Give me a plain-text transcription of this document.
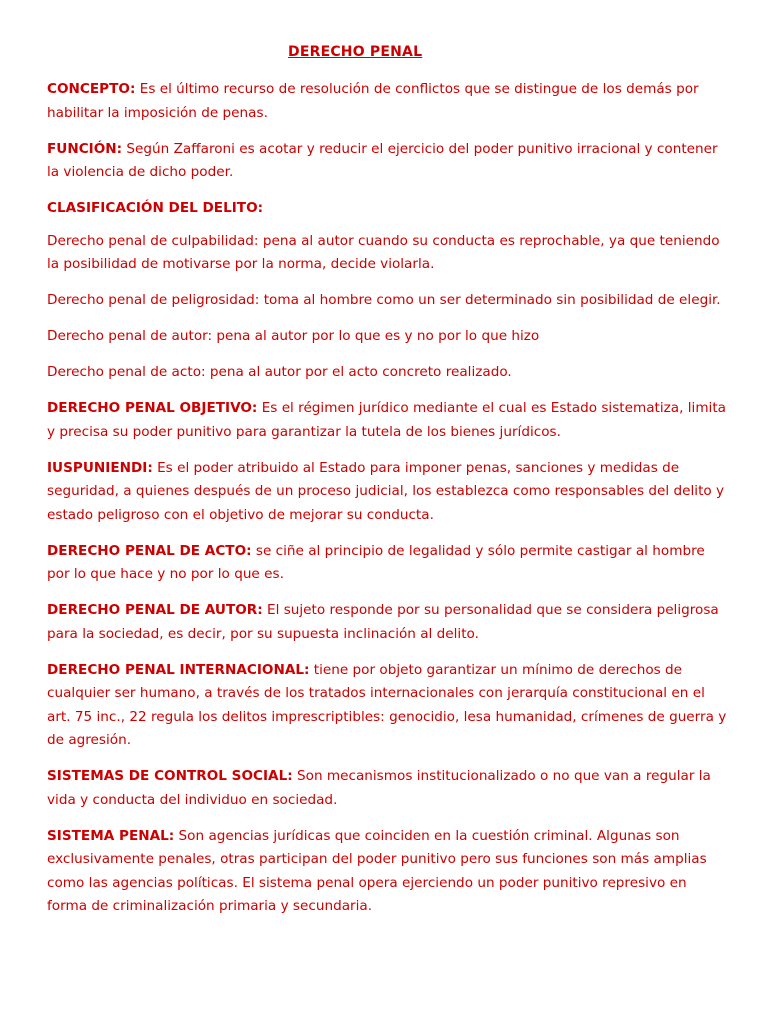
DERECHO PENAL

CONCEPTO: Es el último recurso de resolución de conflictos que se distingue de los demás por habilitar la imposición de penas.

FUNCIÓN: Según Zaffaroni es acotar y reducir el ejercicio del poder punitivo irracional y contener la violencia de dicho poder.

CLASIFICACIÓN DEL DELITO:

Derecho penal de culpabilidad: pena al autor cuando su conducta es reprochable, ya que teniendo la posibilidad de motivarse por la norma, decide violarla.

Derecho penal de peligrosidad: toma al hombre como un ser determinado sin posibilidad de elegir.

Derecho penal de autor: pena al autor por lo que es y no por lo que hizo

Derecho penal de acto: pena al autor por el acto concreto realizado.

DERECHO PENAL OBJETIVO: Es el régimen jurídico mediante el cual es Estado sistematiza, limita y precisa su poder punitivo para garantizar la tutela de los bienes jurídicos.

IUSPUNIENDI: Es el poder atribuido al Estado para imponer penas, sanciones y medidas de seguridad, a quienes después de un proceso judicial, los establezca como responsables del delito y estado peligroso con el objetivo de mejorar su conducta.

DERECHO PENAL DE ACTO: se ciñe al principio de legalidad y sólo permite castigar al hombre por lo que hace y no por lo que es.

DERECHO PENAL DE AUTOR: El sujeto responde por su personalidad que se considera peligrosa para la sociedad, es decir, por su supuesta inclinación al delito.

DERECHO PENAL INTERNACIONAL: tiene por objeto garantizar un mínimo de derechos de cualquier ser humano, a través de los tratados internacionales con jerarquía constitucional en el art. 75 inc., 22 regula los delitos imprescriptibles: genocidio, lesa humanidad, crímenes de guerra y de agresión.

SISTEMAS DE CONTROL SOCIAL: Son mecanismos institucionalizado o no que van a regular la vida y conducta del individuo en sociedad.

SISTEMA PENAL: Son agencias jurídicas que coinciden en la cuestión criminal. Algunas son exclusivamente penales, otras participan del poder punitivo pero sus funciones son más amplias como las agencias políticas. El sistema penal opera ejerciendo un poder punitivo represivo en forma de criminalización primaria y secundaria.
